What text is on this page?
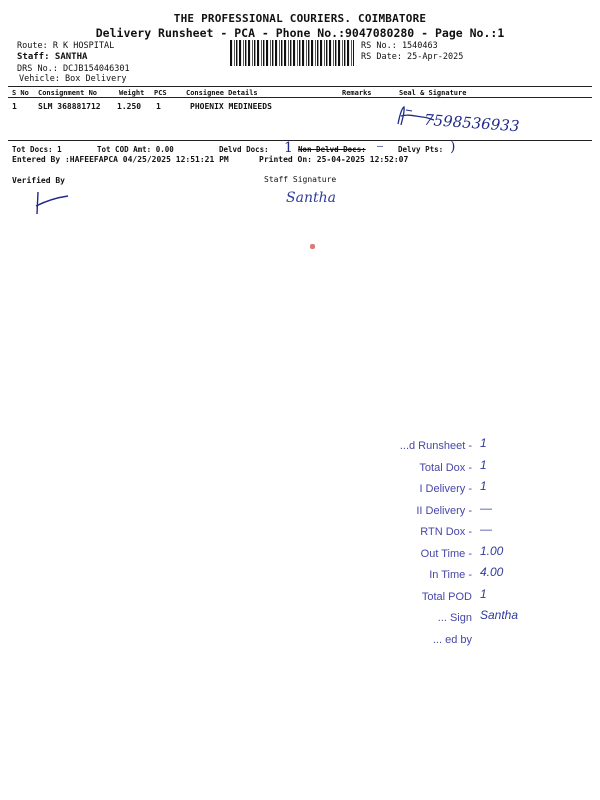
THE PROFESSIONAL COURIERS. COIMBATORE
Delivery Runsheet - PCA - Phone No.:9047080280 - Page No.:1
Route: R K HOSPITAL
Staff: SANTHA
DRS No.: DCJB154046301
Vehicle: Box Delivery
RS No.: 1540463
RS Date: 25-Apr-2025
S No Consignment No	Weight PCS	Consignee Details	Remarks	Seal & Signature
1	SLM 368881712 1.250 1	PHOENIX MEDINEEDS
7598536933
Tot Docs: 1	Tot COD Amt: 0.00	Delvd Docs: 1 Non Delvd Docs: — Delvy Pts: )
Entered By :HAFEEFAPCA 04/25/2025 12:51:21 PM	Printed On: 25-04-2025 12:52:07
Verified By	Staff Signature
Santha
...d Runsheet - 1
Total Dox - 1
I Delivery - 1
II Delivery - —
RTN Dox - —
Out Time - 1.00
In Time - 4.00
Total POD 1
... Sign Santha
... ed by
